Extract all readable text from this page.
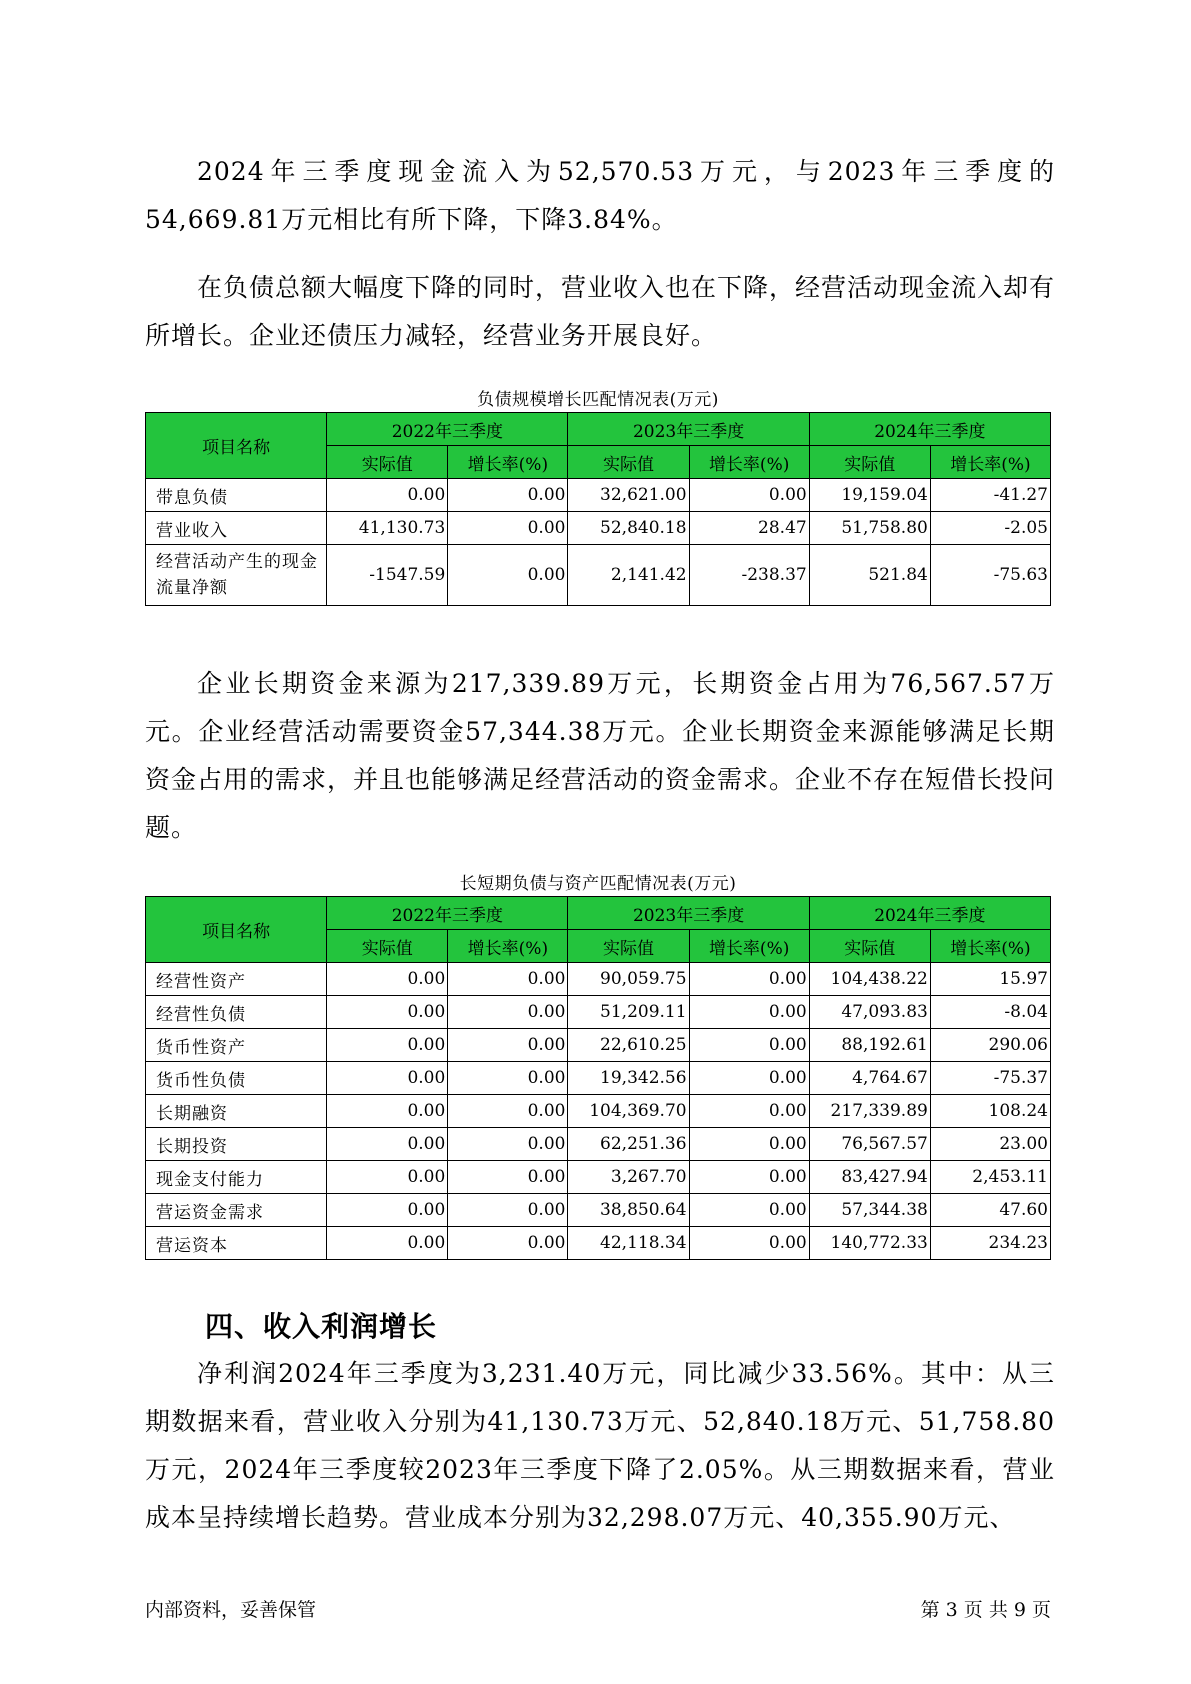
2024年三季度现金流入为52,570.53万元，与2023年三季度的54,669.81万元相比有所下降，下降3.84%。

在负债总额大幅度下降的同时，营业收入也在下降，经营活动现金流入却有所增长。企业还债压力减轻，经营业务开展良好。

负债规模增长匹配情况表(万元)
项目名称	2022年三季度		2023年三季度		2024年三季度	
	实际值	增长率(%)	实际值	增长率(%)	实际值	增长率(%)
带息负债	0.00	0.00	32,621.00	0.00	19,159.04	-41.27
营业收入	41,130.73	0.00	52,840.18	28.47	51,758.80	-2.05
经营活动产生的现金流量净额	-1547.59	0.00	2,141.42	-238.37	521.84	-75.63

企业长期资金来源为217,339.89万元，长期资金占用为76,567.57万元。企业经营活动需要资金57,344.38万元。企业长期资金来源能够满足长期资金占用的需求，并且也能够满足经营活动的资金需求。企业不存在短借长投问题。

长短期负债与资产匹配情况表(万元)
项目名称	2022年三季度		2023年三季度		2024年三季度	
	实际值	增长率(%)	实际值	增长率(%)	实际值	增长率(%)
经营性资产	0.00	0.00	90,059.75	0.00	104,438.22	15.97
经营性负债	0.00	0.00	51,209.11	0.00	47,093.83	-8.04
货币性资产	0.00	0.00	22,610.25	0.00	88,192.61	290.06
货币性负债	0.00	0.00	19,342.56	0.00	4,764.67	-75.37
长期融资	0.00	0.00	104,369.70	0.00	217,339.89	108.24
长期投资	0.00	0.00	62,251.36	0.00	76,567.57	23.00
现金支付能力	0.00	0.00	3,267.70	0.00	83,427.94	2,453.11
营运资金需求	0.00	0.00	38,850.64	0.00	57,344.38	47.60
营运资本	0.00	0.00	42,118.34	0.00	140,772.33	234.23
四、收入利润增长

净利润2024年三季度为3,231.40万元，同比减少33.56%。其中：从三期数据来看，营业收入分别为41,130.73万元、52,840.18万元、51,758.80万元，2024年三季度较2023年三季度下降了2.05%。从三期数据来看，营业成本呈持续增长趋势。营业成本分别为32,298.07万元、40,355.90万元、

内部资料，妥善保管	第 3 页 共 9 页
